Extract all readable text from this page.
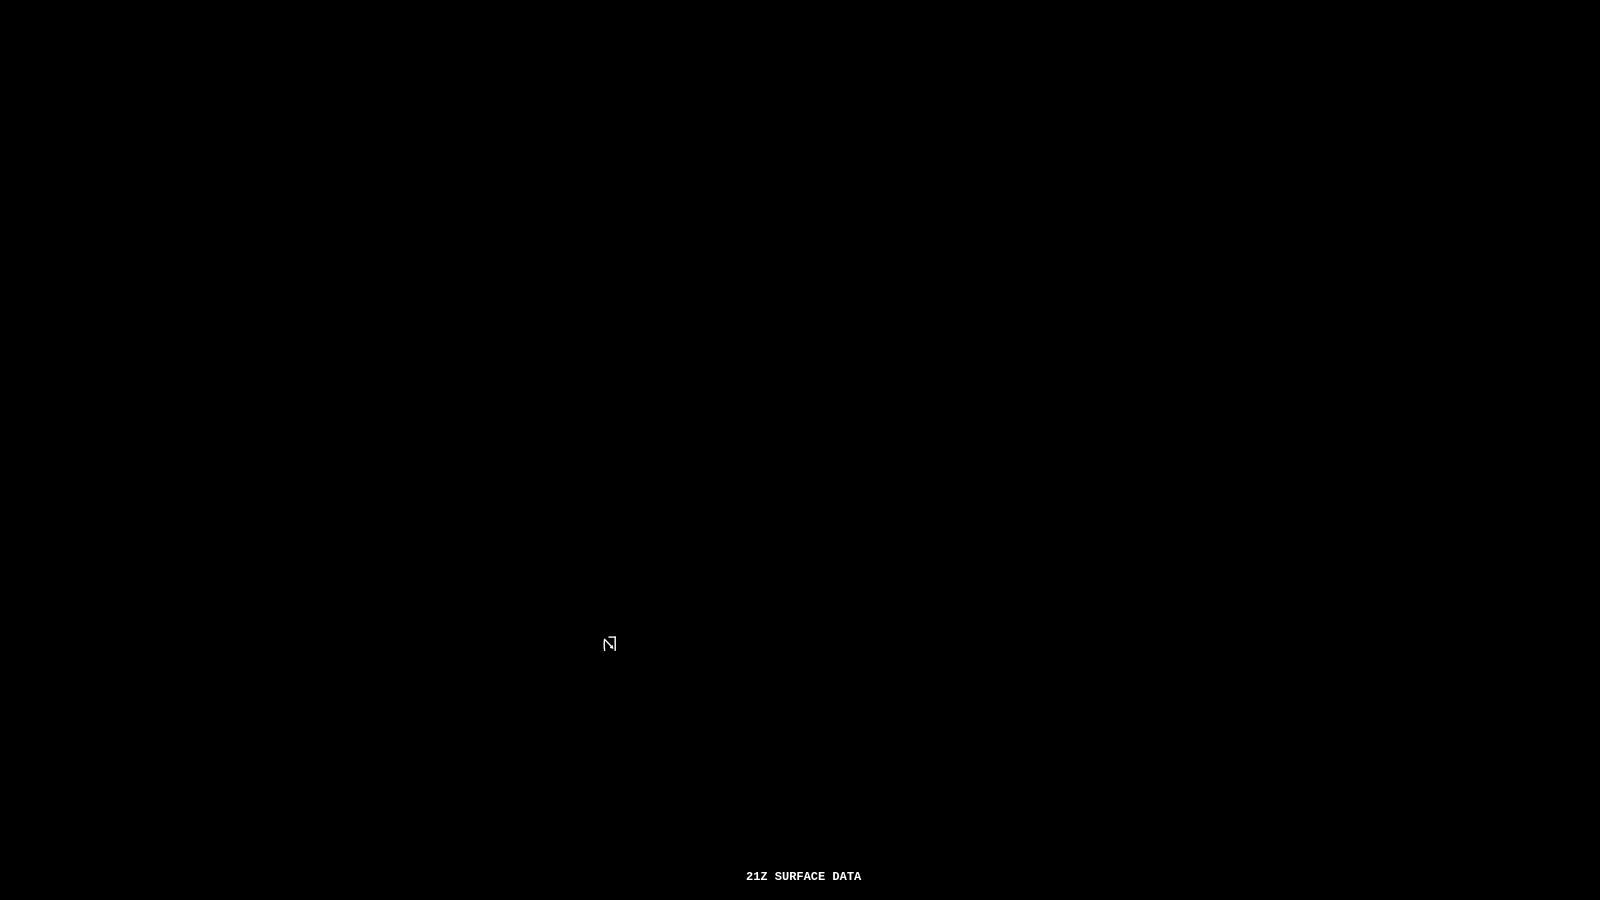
21Z SURFACE DATA
